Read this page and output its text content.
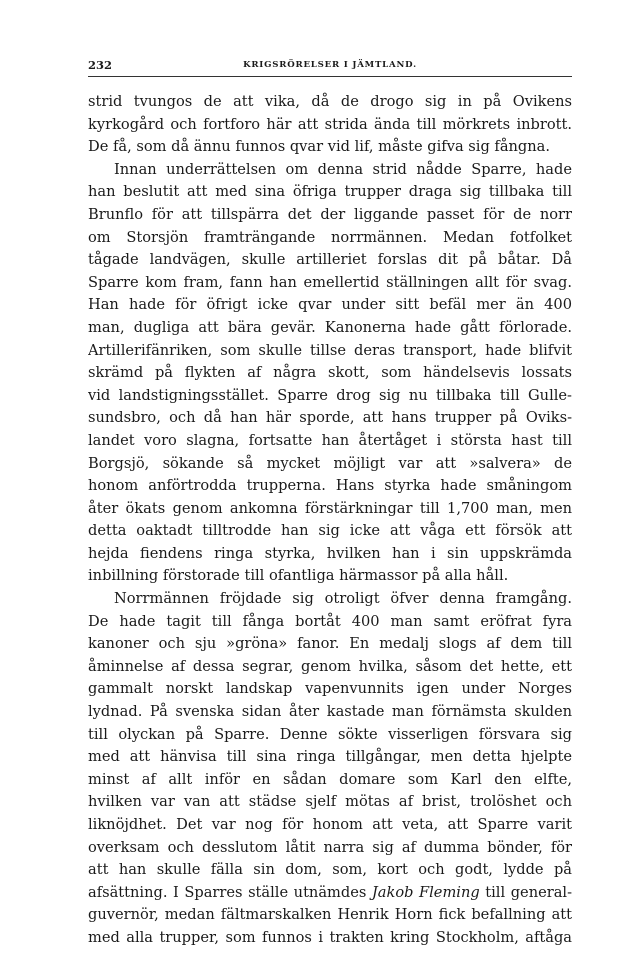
232	KRIGSRÖRELSER I JÄMTLAND.

strid tvungos de att vika, då de drogo sig in på Ovikens
kyrkogård och fortforo här att strida ända till mörkrets inbrott.
De få, som då ännu funnos qvar vid lif, måste gifva sig fångna.

Innan underrättelsen om denna strid nådde Sparre, hade
han beslutit att med sina öfriga trupper draga sig tillbaka till
Brunflo för att tillspärra det der liggande passet för de norr
om Storsjön framträngande norrmännen. Medan fotfolket
tågade landvägen, skulle artilleriet forslas dit på båtar. Då
Sparre kom fram, fann han emellertid ställningen allt för svag.
Han hade för öfrigt icke qvar under sitt befäl mer än 400
man, dugliga att bära gevär. Kanonerna hade gått förlorade.
Artillerifänriken, som skulle tillse deras transport, hade blifvit
skrämd på flykten af några skott, som händelsevis lossats
vid landstigningsstället. Sparre drog sig nu tillbaka till Gulle-
sundsbro, och då han här sporde, att hans trupper på Oviks-
landet voro slagna, fortsatte han återtåget i största hast till
Borgsjö, sökande så mycket möjligt var att »salvera» de
honom anförtrodda trupperna. Hans styrka hade småningom
åter ökats genom ankomna förstärkningar till 1,700 man, men
detta oaktadt tilltrodde han sig icke att våga ett försök att
hejda fiendens ringa styrka, hvilken han i sin uppskrämda
inbillning förstorade till ofantliga härmassor på alla håll.

Norrmännen fröjdade sig otroligt öfver denna framgång.
De hade tagit till fånga bortåt 400 man samt eröfrat fyra
kanoner och sju »gröna» fanor. En medalj slogs af dem till
åminnelse af dessa segrar, genom hvilka, såsom det hette, ett
gammalt norskt landskap vapenvunnits igen under Norges
lydnad. På svenska sidan åter kastade man förnämsta skulden
till olyckan på Sparre. Denne sökte visserligen försvara sig
med att hänvisa till sina ringa tillgångar, men detta hjelpte
minst af allt inför en sådan domare som Karl den elfte,
hvilken var van att städse sjelf mötas af brist, trolöshet och
liknöjdhet. Det var nog för honom att veta, att Sparre varit
overksam och desslutom låtit narra sig af dumma bönder, för
att han skulle fälla sin dom, som, kort och godt, lydde på
afsättning. I Sparres ställe utnämdes Jakob Fleming till general-
guvernör, medan fältmarskalken Henrik Horn fick befallning att
med alla trupper, som funnos i trakten kring Stockholm, aftåga
